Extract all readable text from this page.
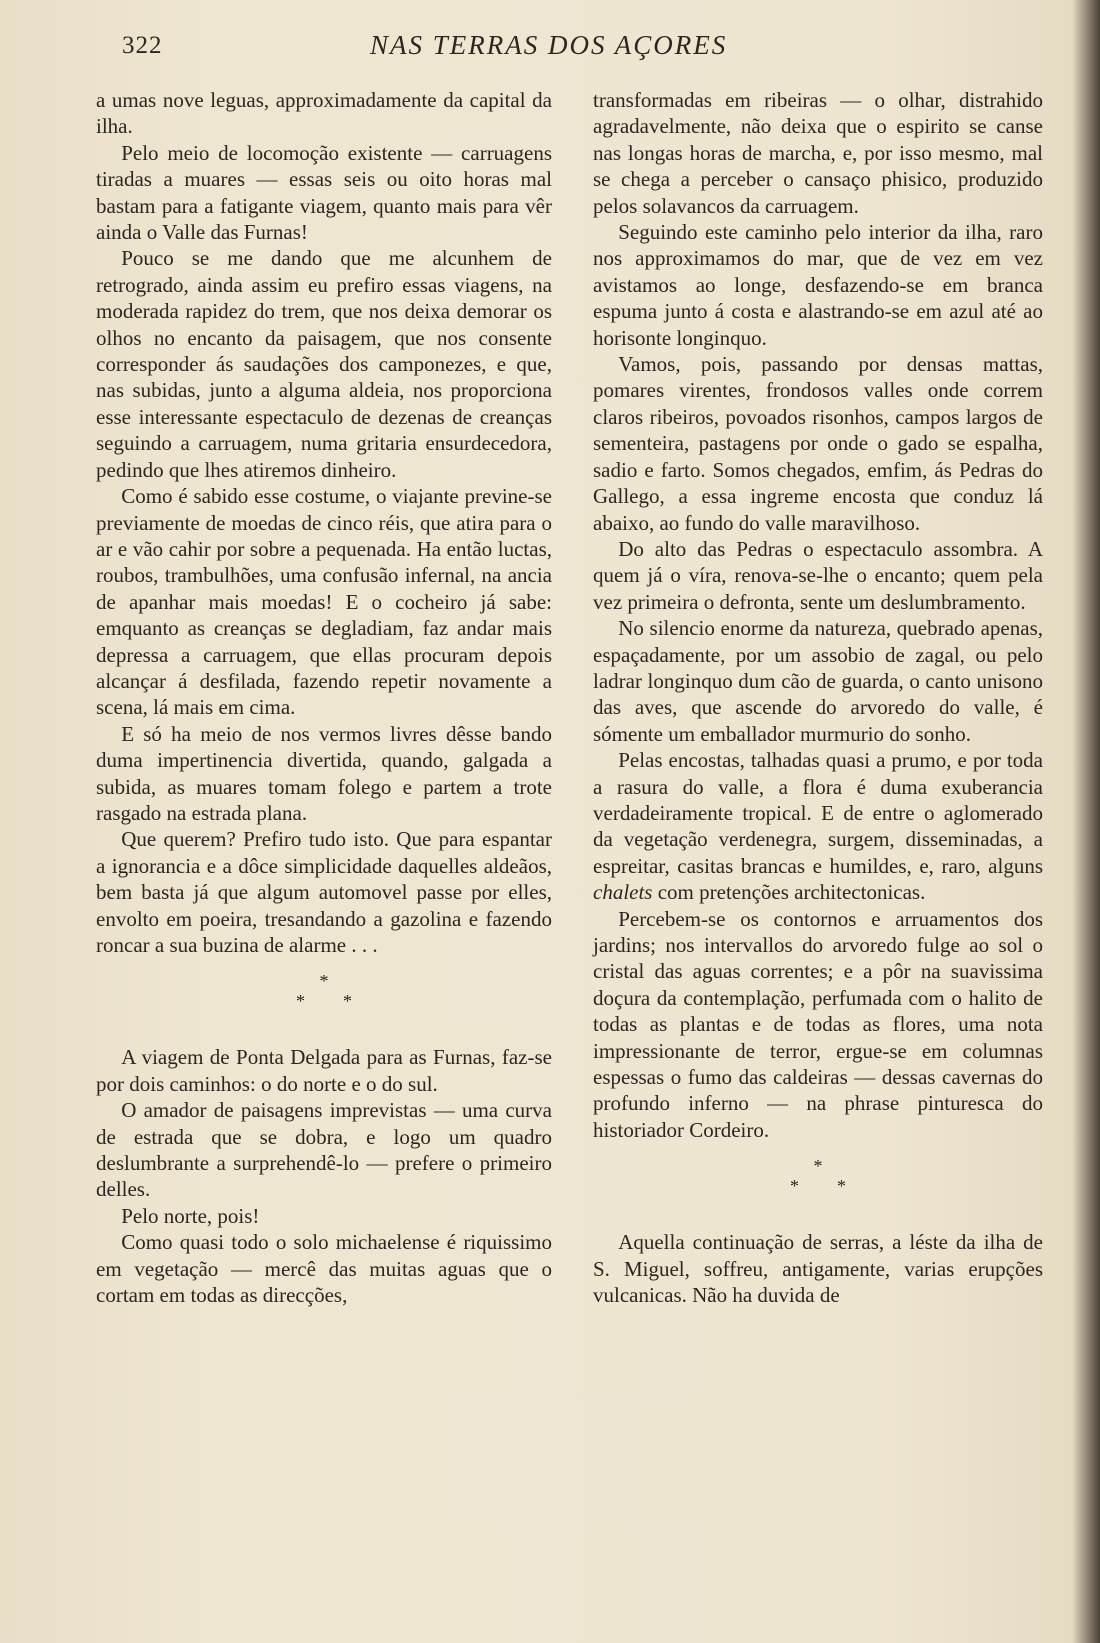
322	NAS TERRAS DOS AÇORES

a umas nove leguas, approximadamente da capital da ilha.

Pelo meio de locomoção existente — carruagens tiradas a muares — essas seis ou oito horas mal bastam para a fatigante viagem, quanto mais para vêr ainda o Valle das Furnas!

Pouco se me dando que me alcunhem de retrogrado, ainda assim eu prefiro essas viagens, na moderada rapidez do trem, que nos deixa demorar os olhos no encanto da paisagem, que nos consente corresponder ás saudações dos camponezes, e que, nas subidas, junto a alguma aldeia, nos proporciona esse interessante espectaculo de dezenas de creanças seguindo a carruagem, numa gritaria ensurdecedora, pedindo que lhes atiremos dinheiro.

Como é sabido esse costume, o viajante previne-se previamente de moedas de cinco réis, que atira para o ar e vão cahir por sobre a pequenada. Ha então luctas, roubos, trambulhões, uma confusão infernal, na ancia de apanhar mais moedas! E o cocheiro já sabe: emquanto as creanças se degladiam, faz andar mais depressa a carruagem, que ellas procuram depois alcançar á desfilada, fazendo repetir novamente a scena, lá mais em cima.

E só ha meio de nos vermos livres dêsse bando duma impertinencia divertida, quando, galgada a subida, as muares tomam folego e partem a trote rasgado na estrada plana.

Que querem? Prefiro tudo isto. Que para espantar a ignorancia e a dôce simplicidade daquelles aldeãos, bem basta já que algum automovel passe por elles, envolto em poeira, tresandando a gazolina e fazendo roncar a sua buzina de alarme . . .

*
**

A viagem de Ponta Delgada para as Furnas, faz-se por dois caminhos: o do norte e o do sul.

O amador de paisagens imprevistas — uma curva de estrada que se dobra, e logo um quadro deslumbrante a surprehendê-lo — prefere o primeiro delles.

Pelo norte, pois!

Como quasi todo o solo michaelense é riquissimo em vegetação — mercê das muitas aguas que o cortam em todas as direcções,

transformadas em ribeiras — o olhar, distrahido agradavelmente, não deixa que o espirito se canse nas longas horas de marcha, e, por isso mesmo, mal se chega a perceber o cansaço phisico, produzido pelos solavancos da carruagem.

Seguindo este caminho pelo interior da ilha, raro nos approximamos do mar, que de vez em vez avistamos ao longe, desfazendo-se em branca espuma junto á costa e alastrando-se em azul até ao horisonte longinquo.

Vamos, pois, passando por densas mattas, pomares virentes, frondosos valles onde correm claros ribeiros, povoados risonhos, campos largos de sementeira, pastagens por onde o gado se espalha, sadio e farto. Somos chegados, emfim, ás Pedras do Gallego, a essa ingreme encosta que conduz lá abaixo, ao fundo do valle maravilhoso.

Do alto das Pedras o espectaculo assombra. A quem já o víra, renova-se-lhe o encanto; quem pela vez primeira o defronta, sente um deslumbramento.

No silencio enorme da natureza, quebrado apenas, espaçadamente, por um assobio de zagal, ou pelo ladrar longinquo dum cão de guarda, o canto unisono das aves, que ascende do arvoredo do valle, é sómente um emballador murmurio do sonho.

Pelas encostas, talhadas quasi a prumo, e por toda a rasura do valle, a flora é duma exuberancia verdadeiramente tropical. E de entre o aglomerado da vegetação verdenegra, surgem, disseminadas, a espreitar, casitas brancas e humildes, e, raro, alguns chalets com pretenções architectonicas.

Percebem-se os contornos e arruamentos dos jardins; nos intervallos do arvoredo fulge ao sol o cristal das aguas correntes; e a pôr na suavissima doçura da contemplação, perfumada com o halito de todas as plantas e de todas as flores, uma nota impressionante de terror, ergue-se em columnas espessas o fumo das caldeiras — dessas cavernas do profundo inferno — na phrase pinturesca do historiador Cordeiro.

*
**

Aquella continuação de serras, a léste da ilha de S. Miguel, soffreu, antigamente, varias erupções vulcanicas. Não ha duvida de
